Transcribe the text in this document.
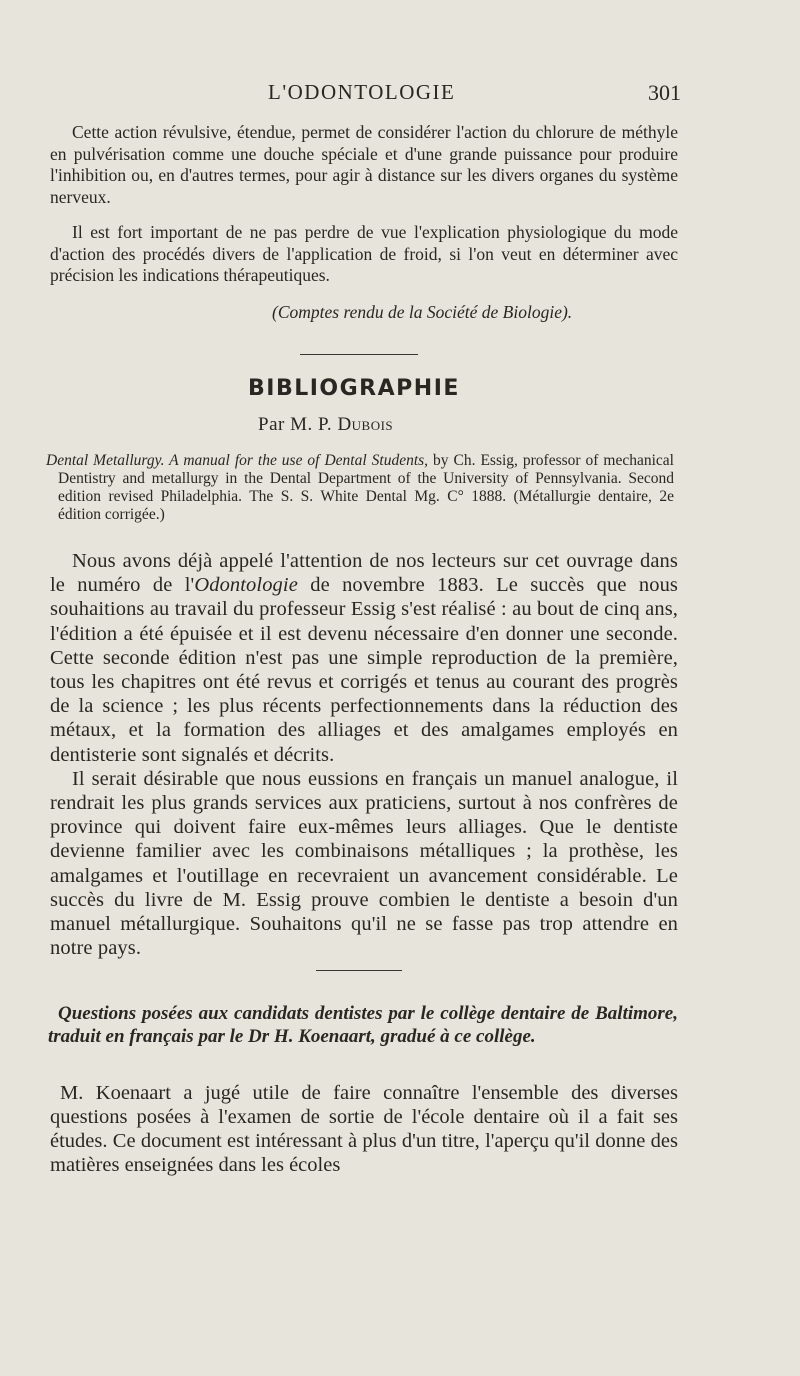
L'ODONTOLOGIE	301
Cette action révulsive, étendue, permet de considérer l'action du chlorure de méthyle en pulvérisation comme une douche spéciale et d'une grande puissance pour produire l'inhibition ou, en d'autres termes, pour agir à distance sur les divers organes du système nerveux.
Il est fort important de ne pas perdre de vue l'explication physiologique du mode d'action des procédés divers de l'application de froid, si l'on veut en déterminer avec précision les indications thérapeutiques.
(Comptes rendu de la Société de Biologie).
BIBLIOGRAPHIE
Par M. P. Dubois
Dental Metallurgy. A manual for the use of Dental Students, by Ch. Essig, professor of mechanical Dentistry and metallurgy in the Dental Department of the University of Pennsylvania. Second edition revised Philadelphia. The S. S. White Dental Mg. C° 1888. (Métallurgie dentaire, 2e édition corrigée.)

Nous avons déjà appelé l'attention de nos lecteurs sur cet ouvrage dans le numéro de l'Odontologie de novembre 1883. Le succès que nous souhaitions au travail du professeur Essig s'est réalisé : au bout de cinq ans, l'édition a été épuisée et il est devenu nécessaire d'en donner une seconde. Cette seconde édition n'est pas une simple reproduction de la première, tous les chapitres ont été revus et corrigés et tenus au courant des progrès de la science ; les plus récents perfectionnements dans la réduction des métaux, et la formation des alliages et des amalgames employés en dentisterie sont signalés et décrits.

Il serait désirable que nous eussions en français un manuel analogue, il rendrait les plus grands services aux praticiens, surtout à nos confrères de province qui doivent faire eux-mêmes leurs alliages. Que le dentiste devienne familier avec les combinaisons métalliques ; la prothèse, les amalgames et l'outillage en recevraient un avancement considérable. Le succès du livre de M. Essig prouve combien le dentiste a besoin d'un manuel métallurgique. Souhaitons qu'il ne se fasse pas trop attendre en notre pays.

Questions posées aux candidats dentistes par le collège dentaire de Baltimore, traduit en français par le Dr H. Koenaart, gradué à ce collège.

M. Koenaart a jugé utile de faire connaître l'ensemble des diverses questions posées à l'examen de sortie de l'école dentaire où il a fait ses études. Ce document est intéressant à plus d'un titre, l'aperçu qu'il donne des matières enseignées dans les écoles
